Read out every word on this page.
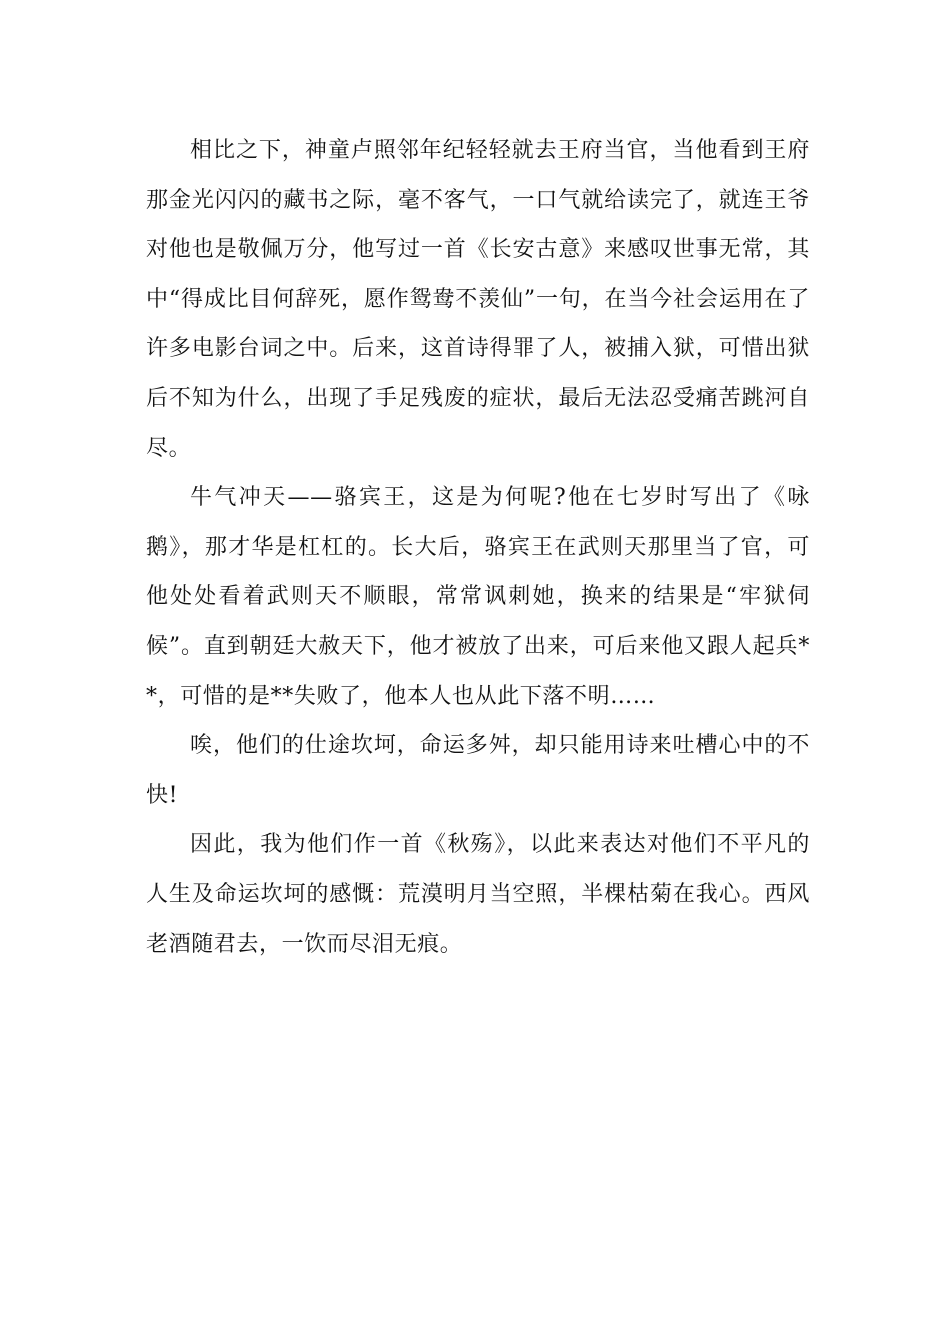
相比之下，神童卢照邻年纪轻轻就去王府当官，当他看到王府那金光闪闪的藏书之际，毫不客气，一口气就给读完了，就连王爷对他也是敬佩万分，他写过一首《长安古意》来感叹世事无常，其中“得成比目何辞死，愿作鸳鸯不羡仙”一句，在当今社会运用在了许多电影台词之中。后来，这首诗得罪了人，被捕入狱，可惜出狱后不知为什么，出现了手足残废的症状，最后无法忍受痛苦跳河自尽。

牛气冲天——骆宾王，这是为何呢?他在七岁时写出了《咏鹅》，那才华是杠杠的。长大后，骆宾王在武则天那里当了官，可他处处看着武则天不顺眼，常常讽刺她，换来的结果是“牢狱伺候”。直到朝廷大赦天下，他才被放了出来，可后来他又跟人起兵**，可惜的是**失败了，他本人也从此下落不明……

唉，他们的仕途坎坷，命运多舛，却只能用诗来吐槽心中的不快!

因此，我为他们作一首《秋殇》，以此来表达对他们不平凡的人生及命运坎坷的感慨：荒漠明月当空照，半棵枯菊在我心。西风老酒随君去，一饮而尽泪无痕。
